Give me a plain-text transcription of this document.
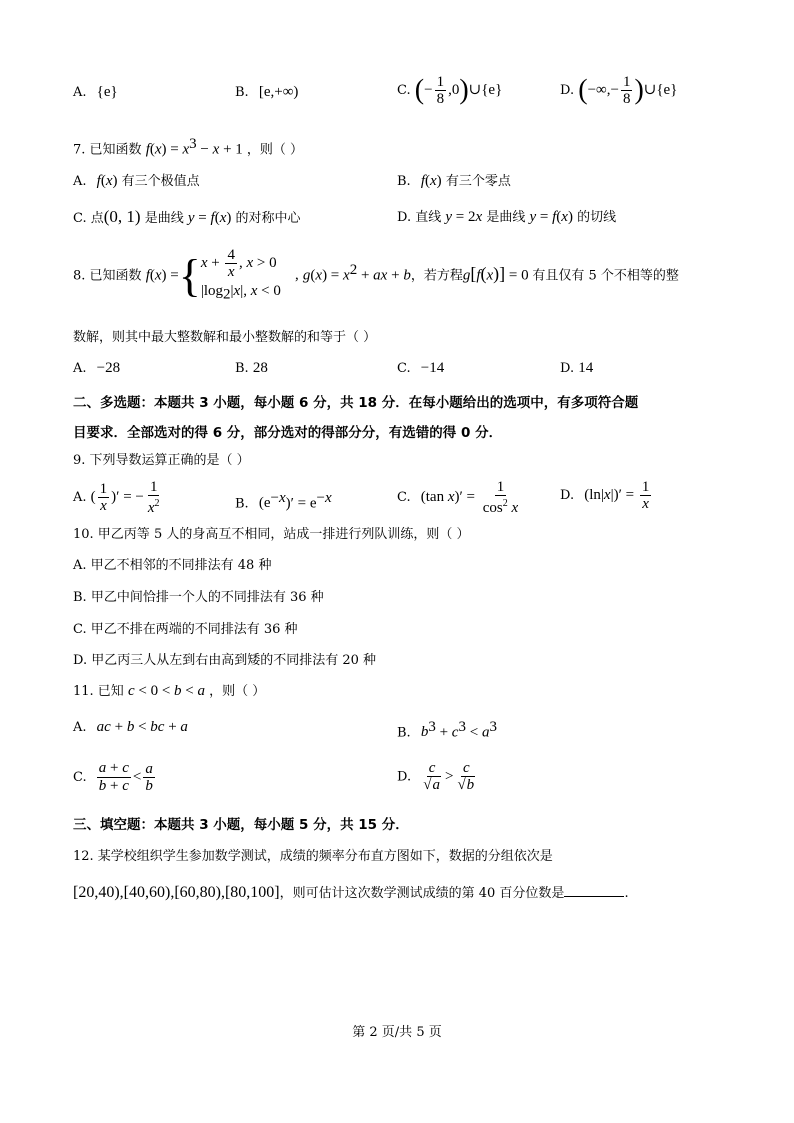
A. {e}	B. [e,+∞)	C. (− $\frac{1}{8}$ ,0)∪{e}	D. (−∞,− $\frac{1}{8}$ )∪{e}
7. 已知函数 $f(x) = x^3 - x + 1$ ，则（ ）
A. f(x) 有三个极值点	B. f(x) 有三个零点
C. 点(0, 1) 是曲线 y = f(x) 的对称中心	D. 直线 y = 2x 是曲线 y = f(x) 的切线
8. 已知函数 f(x) ={ $x + \frac{4}{x}$ , x > 0
$|\log_2|x|$, x < 0
, $g(x) = x^2$ + ax + b，若方程g[f(x)] = 0 有且仅有 5 个不相等的整
数解，则其中最大整数解和最小整数解的和等于（ ）
A. −28	B. 28	C. −14	D. 14
二、多选题：本题共 3 小题，每小题 6 分，共 18 分．在每小题给出的选项中，有多项符合题
目要求．全部选对的得 6 分，部分选对的得部分分，有选错的得 0 分．
9. 下列导数运算正确的是（ ）
A. ( $\frac{1}{x}$ )′ = − $\frac{1}{x^2}$	B. $(e^{-x})' = e^{-x}$	C. (tan $x)' = \frac{1}{\cos^2 x}$	D. $(\ln|x|)' = \frac{1}{x}$
10. 甲乙丙等 5 人的身高互不相同，站成一排进行列队训练，则（ ）
A. 甲乙不相邻的不同排法有 48 种
B. 甲乙中间恰排一个人的不同排法有 36 种
C. 甲乙不排在两端的不同排法有 36 种
D. 甲乙丙三人从左到右由高到矮的不同排法有 20 种
11. 已知 c < 0 < b < a ，则（ ）
A. ac + b < bc + a	B. $b^3 + c^3 < a^3$
C. $\frac{a + c}{b + c} < \frac{a}{b}$	D. $\frac{c}{√a} > \frac{c}{√b}$
三、填空题：本题共 3 小题，每小题 5 分，共 15 分．
12. 某学校组织学生参加数学测试，成绩的频率分布直方图如下，数据的分组依次是
[20,40),[40,60),[60,80),[80,100]，则可估计这次数学测试成绩的第 40 百分位数是	.
第 2 页/共 5 页
